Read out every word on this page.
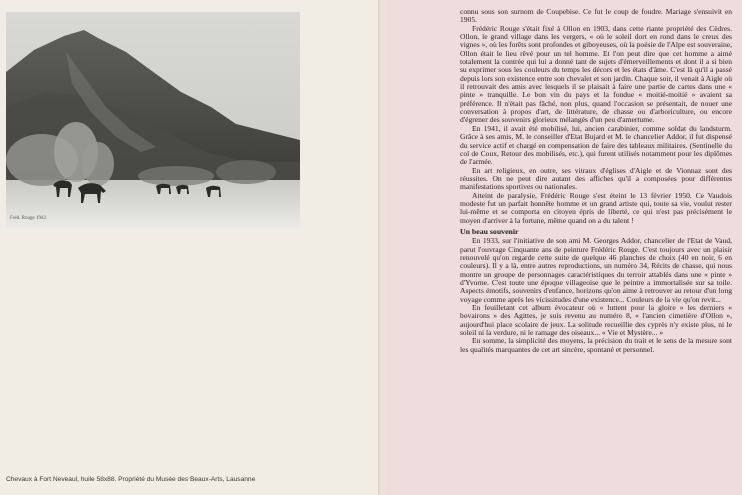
Fréd. Rouge 1943
Chevaux à Fort Neveaul, huile 58x88. Propriété du Musée des Beaux-Arts, Lausanne

connu sous son surnom de Coupebise. Ce fut le coup de foudre. Mariage s'ensuivit en 1905.

Frédéric Rouge s'était fixé à Ollon en 1903, dans cette riante propriété des Cèdres. Ollon, le grand village dans les vergers, « où le soleil dort en rond dans le creux des vignes », où les forêts sont profondes et giboyeuses, où la poésie de l'Alpe est souveraine, Ollon était le lieu rêvé pour un tel homme. Et l'on peut dire que cet homme a aimé totalement la contrée qui lui a donné tant de sujets d'émerveillements et dont il a si bien su exprimer sous les couleurs du temps les décors et les états d'âme. C'est là qu'il a passé depuis lors son existence entre son chevalet et son jardin. Chaque soir, il venait à Aigle où il retrouvait des amis avec lesquels il se plaisait à faire une partie de cartes dans une « pinte » tranquille. Le bon vin du pays et la fondue « moitié-moitié » avaient sa préférence. Il n'était pas fâché, non plus, quand l'occasion se présentait, de nouer une conversation à propos d'art, de littérature, de chasse ou d'arboriculture, ou encore d'égrener des souvenirs glorieux mélangés d'un peu d'amertume.

En 1941, il avait été mobilisé, lui, ancien carabinier, comme soldat du landsturm. Grâce à ses amis, M. le conseiller d'Etat Bujard et M. le chancelier Addor, il fut dispensé du service actif et chargé en compensation de faire des tableaux militaires. (Sentinelle du col de Coux, Retour des mobilisés, etc.), qui furent utilisés notamment pour les diplômes de l'armée.

En art religieux, en outre, ses vitraux d'églises d'Aigle et de Vionnaz sont des réussites. On ne peut dire autant des affiches qu'il a composées pour différentes manifestations sportives ou nationales.

Atteint de paralysie, Frédéric Rouge s'est éteint le 13 février 1950. Ce Vaudois modeste fut un parfait honnête homme et un grand artiste qui, toute sa vie, voulut rester lui-même et se comporta en citoyen épris de liberté, ce qui n'est pas précisément le moyen d'arriver à la fortune, même quand on a du talent !

Un beau souvenir

En 1933, sur l'initiative de son ami M. Georges Addor, chancelier de l'Etat de Vaud, parut l'ouvrage Cinquante ans de peinture Frédéric Rouge. C'est toujours avec un plaisir renouvelé qu'on regarde cette suite de quelque 46 planches de choix (40 en noir, 6 en couleurs). Il y a là, entre autres reproductions, un numéro 34, Récits de chasse, qui nous montre un groupe de personnages caractéristiques du terroir attablés dans une « pinte » d'Yvorne. C'est toute une époque villageoise que le peintre a immortalisée sur sa toile. Aspects émotifs, souvenirs d'enfance, horizons qu'on aime à retrouver au retour d'un long voyage comme après les vicissitudes d'une existence... Couleurs de la vie qu'on revit...

En feuilletant cet album évocateur où « luttent pour la gloire » les derniers « bovairons » des Agittes, je suis revenu au numéro 8, « l'ancien cimetière d'Ollon », aujourd'hui place scolaire de jeux. La solitude recueillie des cyprès n'y existe plus, ni le soleil ni la verdure, ni le ramage des oiseaux... « Vie et Mystère... »

En somme, la simplicité des moyens, la précision du trait et le sens de la mesure sont les qualités marquantes de cet art sincère, spontané et personnel.
